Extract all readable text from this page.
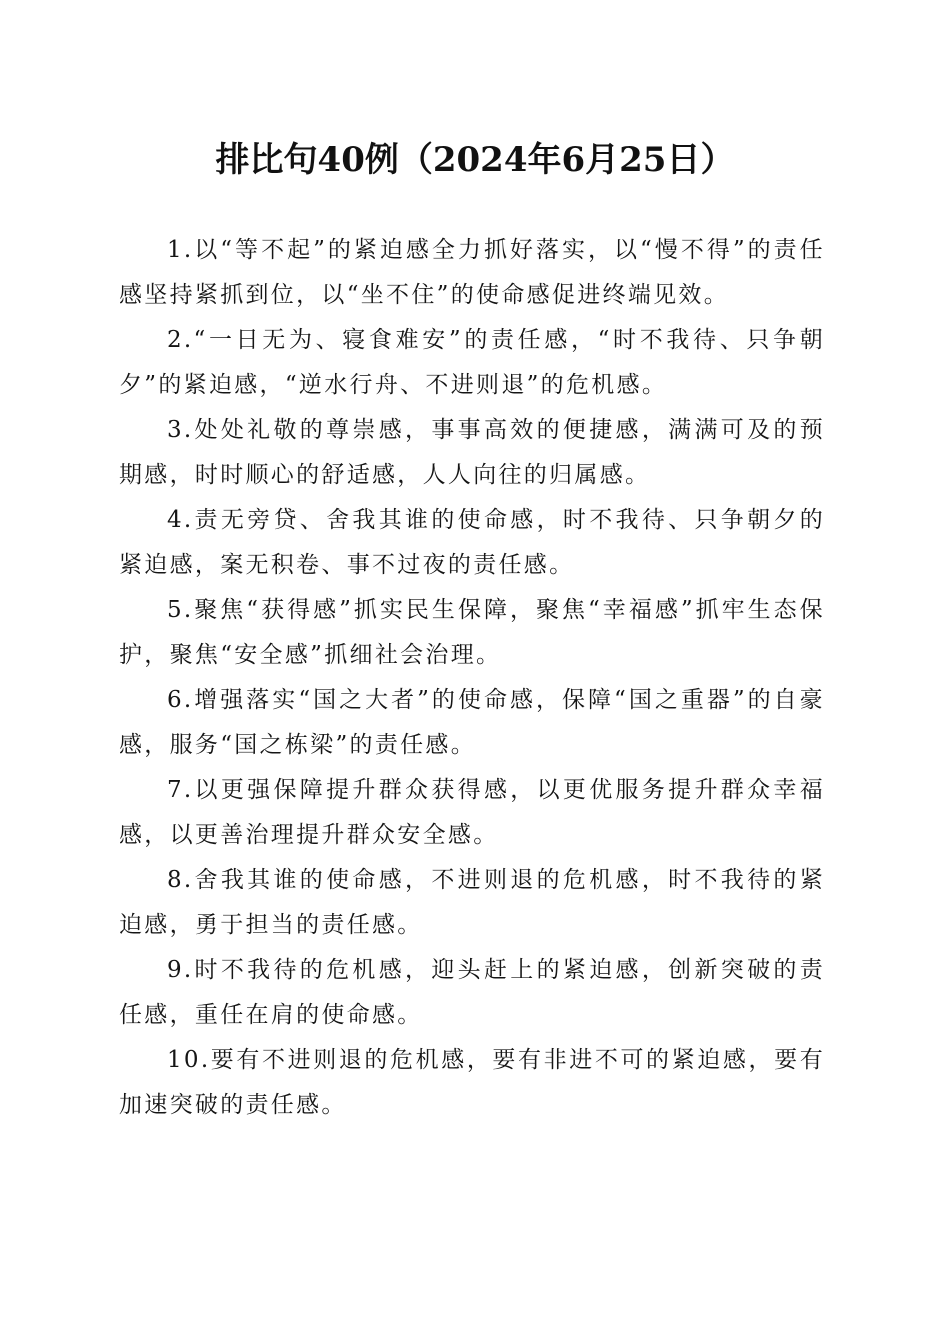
排比句40例（2024年6月25日）

1.以“等不起”的紧迫感全力抓好落实，以“慢不得”的责任感坚持紧抓到位，以“坐不住”的使命感促进终端见效。

2.“一日无为、寝食难安”的责任感，“时不我待、只争朝夕”的紧迫感，“逆水行舟、不进则退”的危机感。

3.处处礼敬的尊崇感，事事高效的便捷感，满满可及的预期感，时时顺心的舒适感，人人向往的归属感。

4.责无旁贷、舍我其谁的使命感，时不我待、只争朝夕的紧迫感，案无积卷、事不过夜的责任感。

5.聚焦“获得感”抓实民生保障，聚焦“幸福感”抓牢生态保护，聚焦“安全感”抓细社会治理。

6.增强落实“国之大者”的使命感，保障“国之重器”的自豪感，服务“国之栋梁”的责任感。

7.以更强保障提升群众获得感，以更优服务提升群众幸福感，以更善治理提升群众安全感。

8.舍我其谁的使命感，不进则退的危机感，时不我待的紧迫感，勇于担当的责任感。

9.时不我待的危机感，迎头赶上的紧迫感，创新突破的责任感，重任在肩的使命感。

10.要有不进则退的危机感，要有非进不可的紧迫感，要有加速突破的责任感。
